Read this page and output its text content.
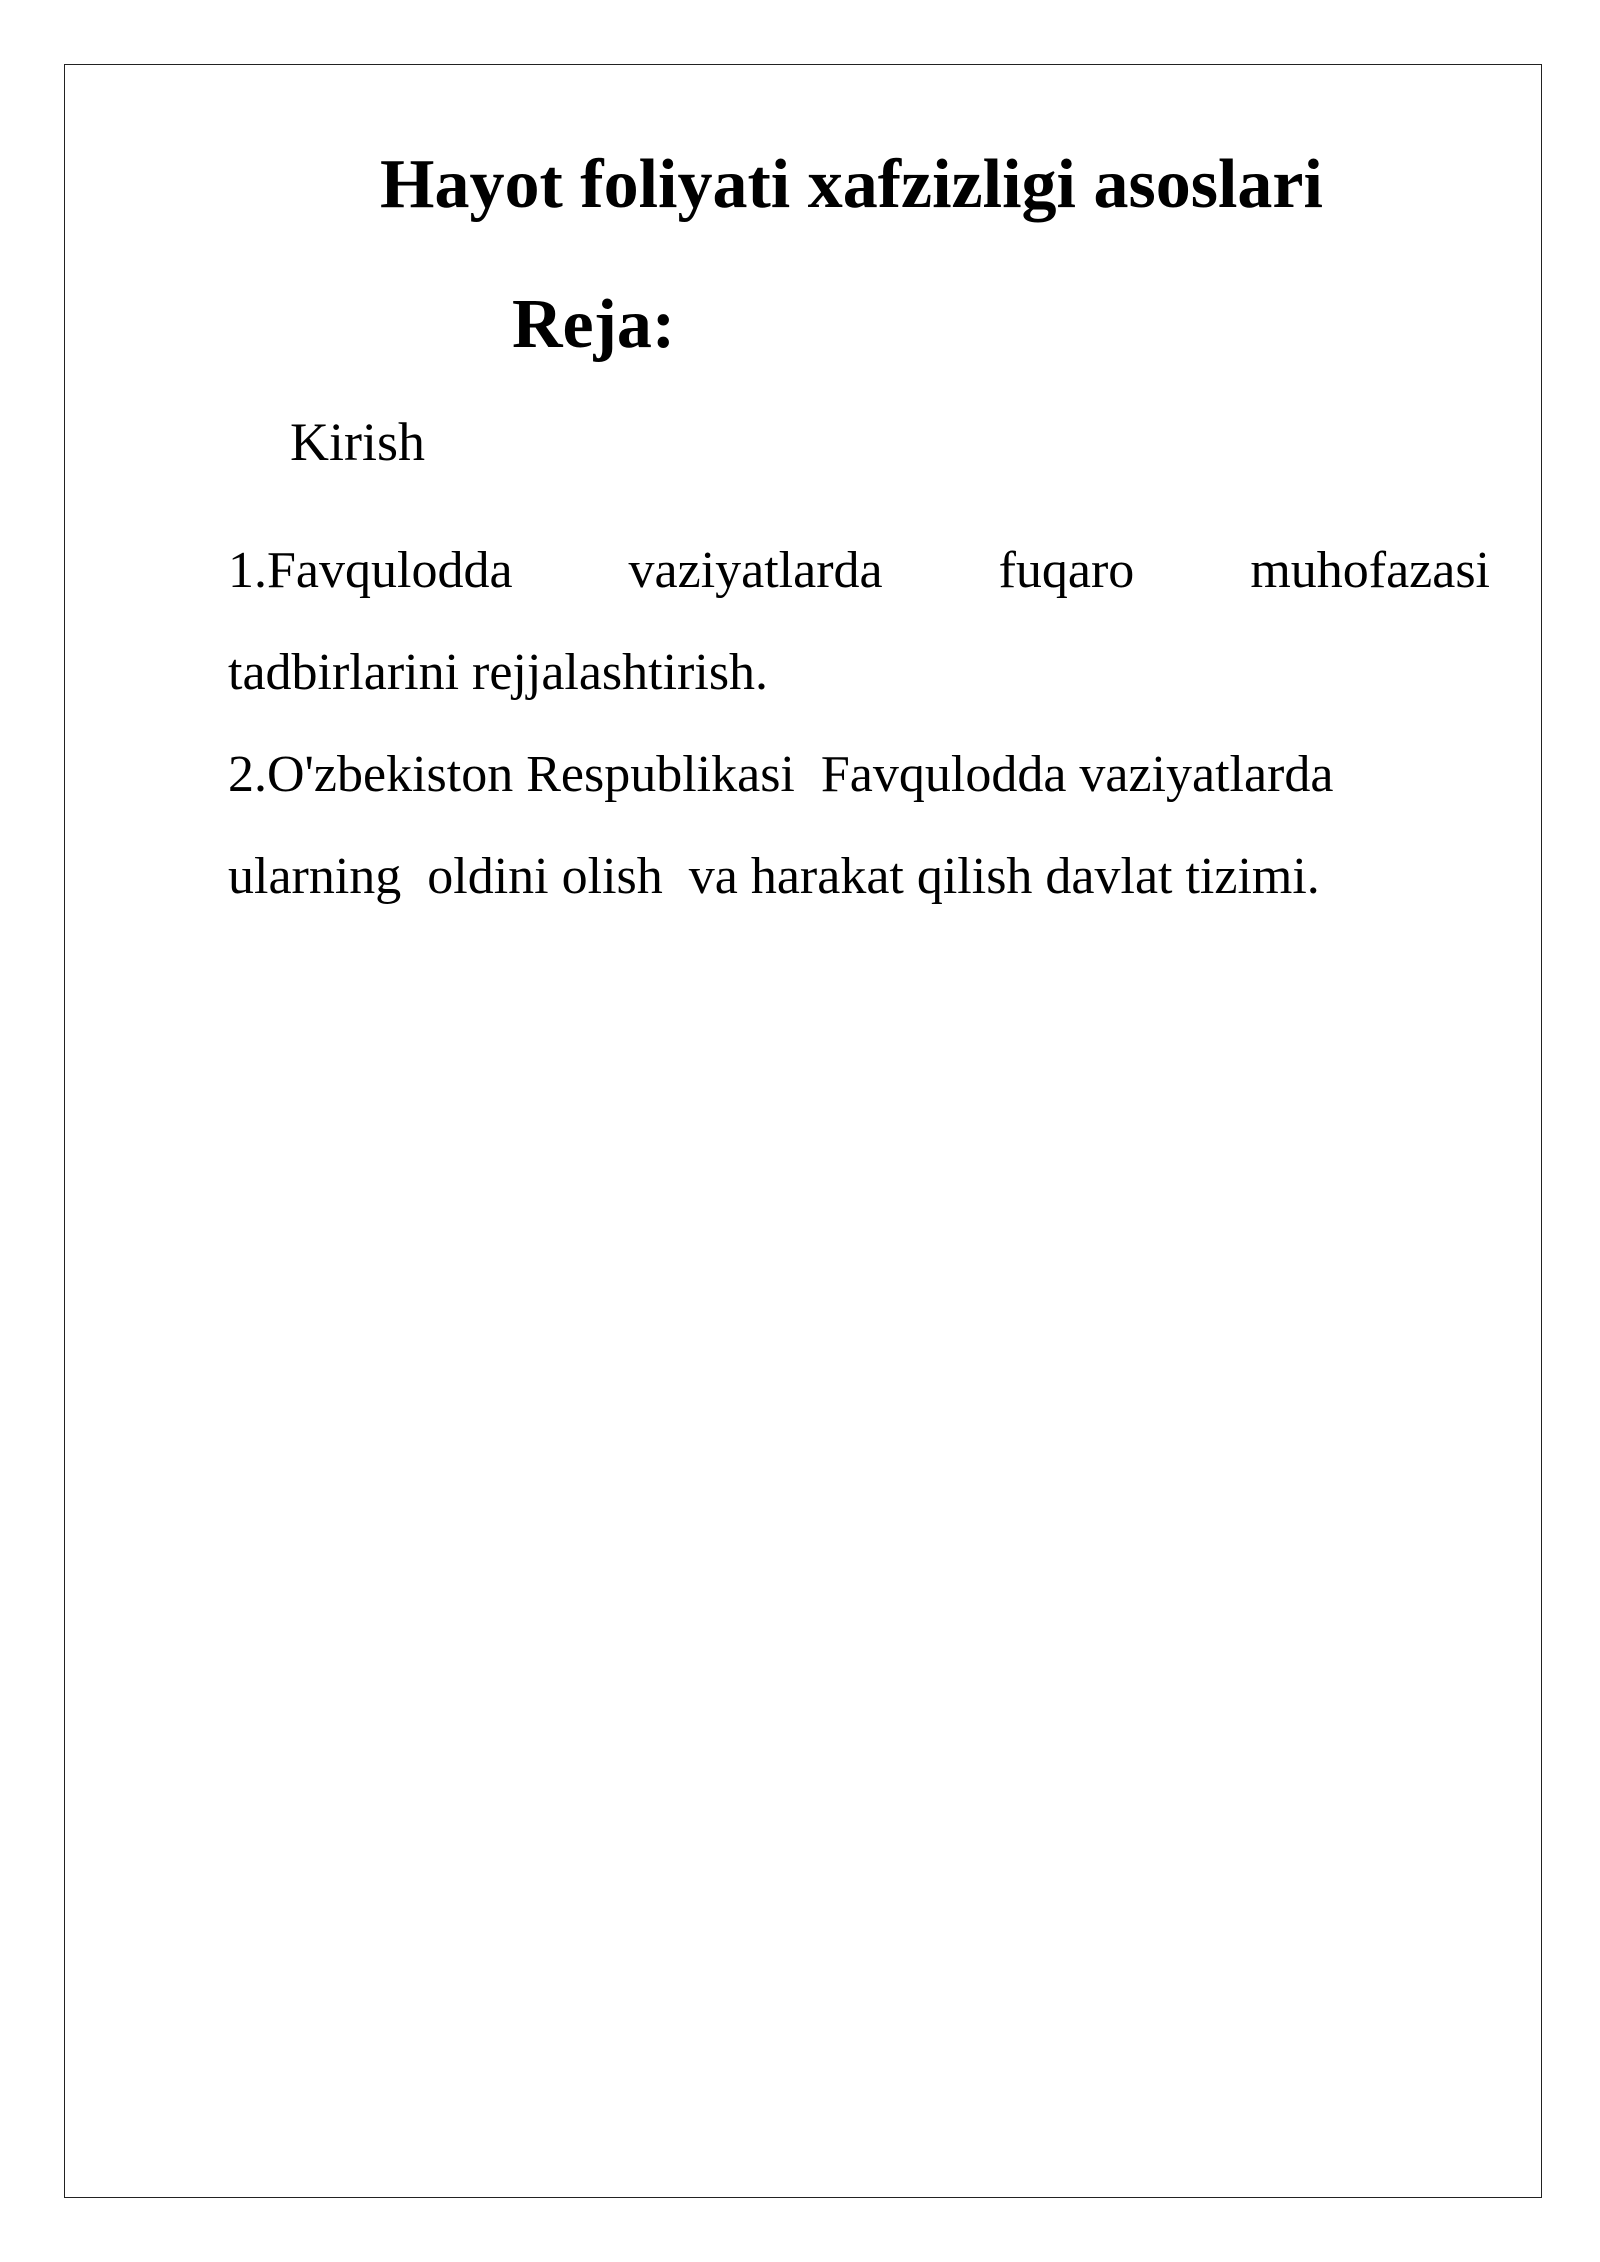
Hayot foliyati xafzizligi asoslari
Reja:
Kirish
1.Favqulodda vaziyatlarda fuqaro muhofazasi
tadbirlarini rejjalashtirish.
2.O'zbekiston Respublikasi  Favqulodda vaziyatlarda
ularning  oldini olish  va harakat qilish davlat tizimi.
